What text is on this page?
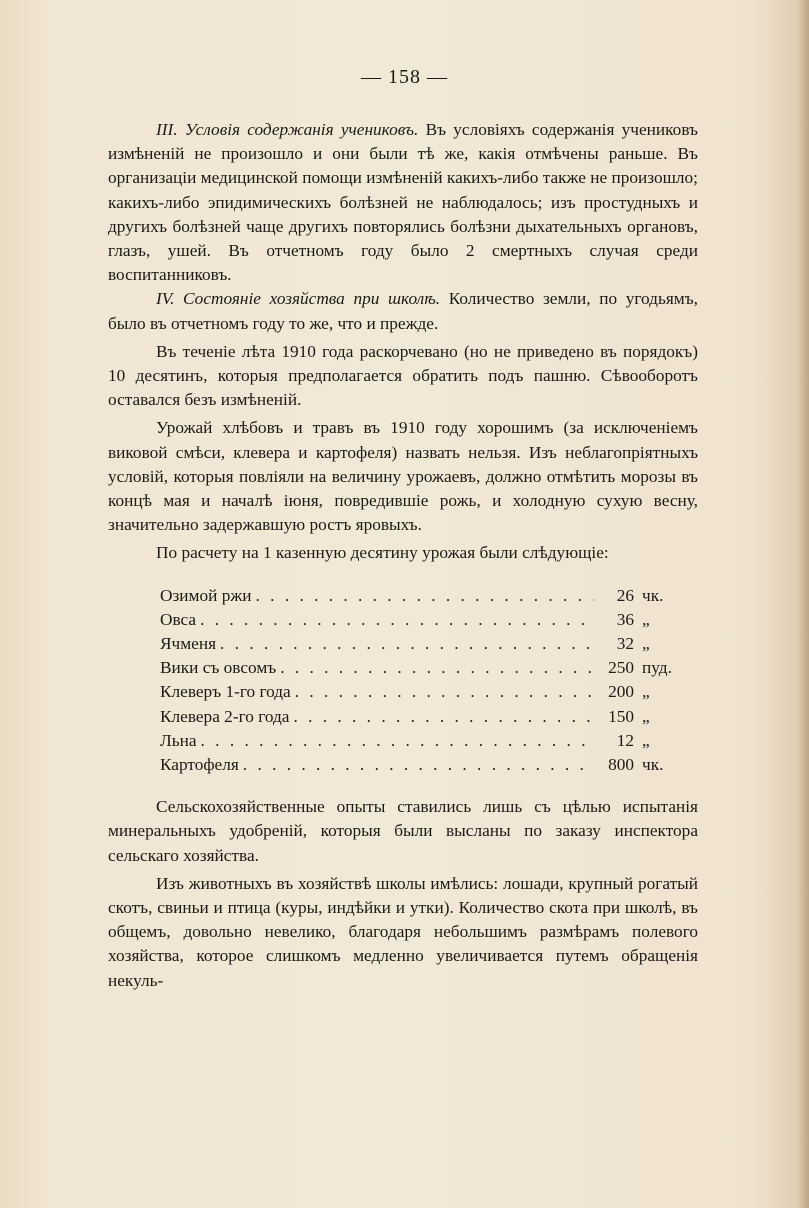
— 158 —

III. Условія содержанія учениковъ. Въ условіяхъ содержанія учениковъ измѣненій не произошло и они были тѣ же, какія отмѣчены раньше. Въ организаціи медицинской помощи измѣненій какихъ-либо также не произошло; какихъ-либо эпидимическихъ болѣзней не наблюдалось; изъ простудныхъ и другихъ болѣзней чаще другихъ повторялись болѣзни дыхательныхъ органовъ, глазъ, ушей. Въ отчетномъ году было 2 смертныхъ случая среди воспитанниковъ.

IV. Состояніе хозяйства при школѣ. Количество земли, по угодьямъ, было въ отчетномъ году то же, что и прежде.

Въ теченіе лѣта 1910 года раскорчевано (но не приведено въ порядокъ) 10 десятинъ, которыя предполагается обратить подъ пашню. Сѣвооборотъ оставался безъ измѣненій.

Урожай хлѣбовъ и травъ въ 1910 году хорошимъ (за исключеніемъ виковой смѣси, клевера и картофеля) назвать нельзя. Изъ неблагопріятныхъ условій, которыя повліяли на величину урожаевъ, должно отмѣтить морозы въ концѣ мая и началѣ іюня, повредившіе рожь, и холодную сухую весну, значительно задержавшую ростъ яровыхъ.

По расчету на 1 казенную десятину урожая были слѣдующіе:

Озимой ржи . . .	26 чк.
Овса . . .	36 „
Ячменя . . .	32 „
Вики съ овсомъ . . .	250 пуд.
Клеверъ 1-го года . . .	200 „
Клевера 2-го года . . .	150 „
Льна . . .	12 „
Картофеля . . .	800 чк.

Сельскохозяйственные опыты ставились лишь съ цѣлью испытанія минеральныхъ удобреній, которыя были высланы по заказу инспектора сельскаго хозяйства.

Изъ животныхъ въ хозяйствѣ школы имѣлись: лошади, крупный рогатый скотъ, свиньи и птица (куры, индѣйки и утки). Количество скота при школѣ, въ общемъ, довольно невелико, благодаря небольшимъ размѣрамъ полевого хозяйства, которое слишкомъ медленно увеличивается путемъ обращенія некуль-
